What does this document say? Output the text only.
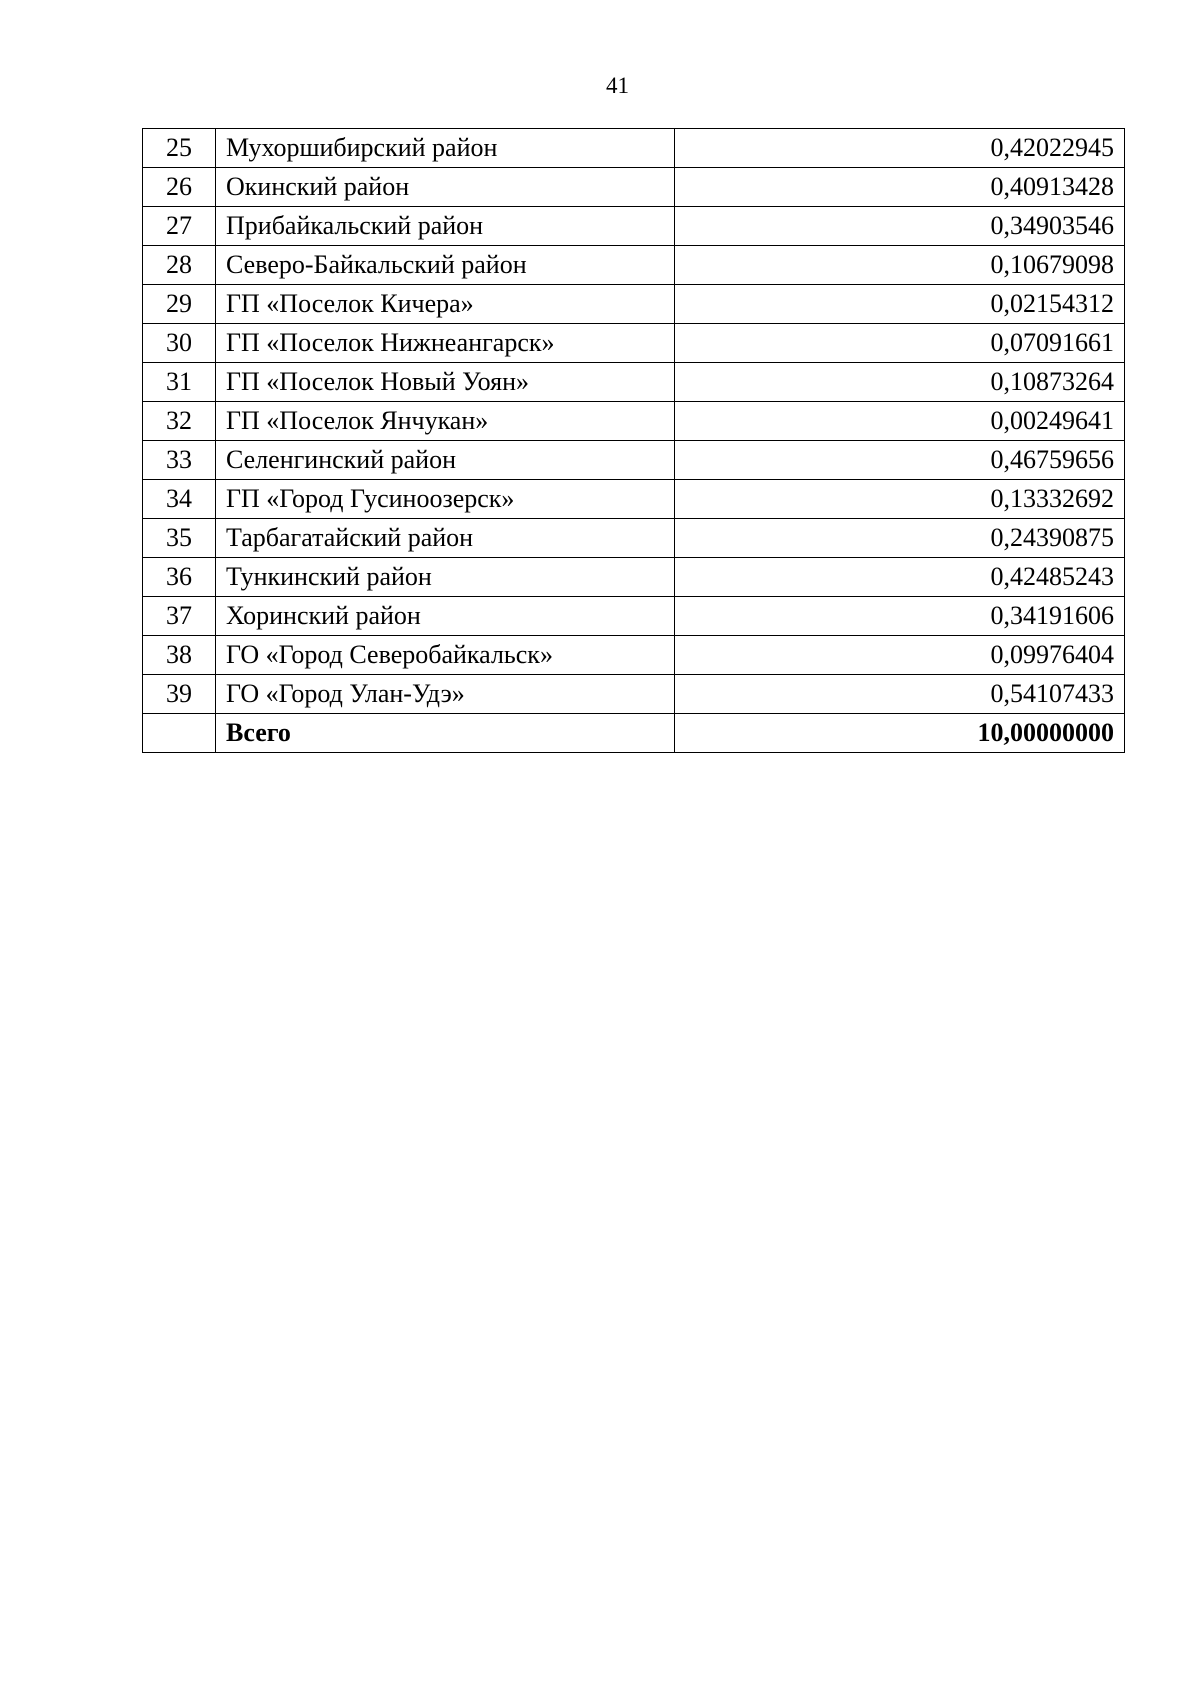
41
25	Мухоршибирский район	0,42022945
26	Окинский район	0,40913428
27	Прибайкальский район	0,34903546
28	Северо-Байкальский район	0,10679098
29	ГП «Поселок Кичера»	0,02154312
30	ГП «Поселок Нижнеангарск»	0,07091661
31	ГП «Поселок Новый Уоян»	0,10873264
32	ГП «Поселок Янчукан»	0,00249641
33	Селенгинский район	0,46759656
34	ГП «Город Гусиноозерск»	0,13332692
35	Тарбагатайский район	0,24390875
36	Тункинский район	0,42485243
37	Хоринский район	0,34191606
38	ГО «Город Северобайкальск»	0,09976404
39	ГО «Город Улан-Удэ»	0,54107433
	Всего	10,00000000
